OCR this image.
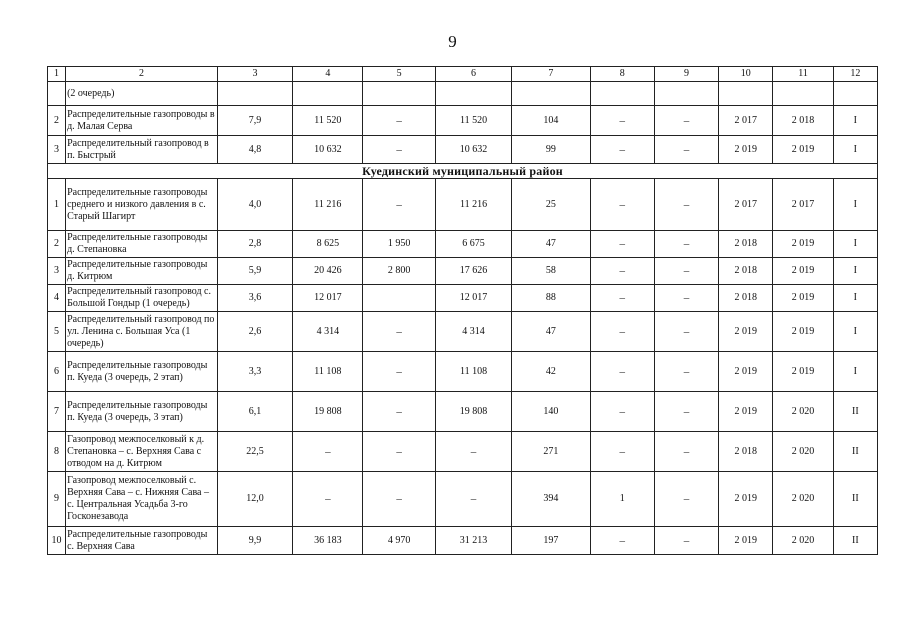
9
1	2	3	4	5	6	7	8	9	10	11	12
	(2 очередь)										
2	Распределительные газопроводы в д. Малая Серва	7,9	11 520	–	11 520	104	–	–	2 017	2 018	I
3	Распределительный газопровод в п. Быстрый	4,8	10 632	–	10 632	99	–	–	2 019	2 019	I
Куединский муниципальный район											
1	Распределительные газопроводы среднего и низкого давления в с. Старый Шагирт	4,0	11 216	–	11 216	25	–	–	2 017	2 017	I
2	Распределительные газопроводы д. Степановка	2,8	8 625	1 950	6 675	47	–	–	2 018	2 019	I
3	Распределительные газопроводы д. Китрюм	5,9	20 426	2 800	17 626	58	–	–	2 018	2 019	I
4	Распределительный газопровод с. Большой Гондыр (1 очередь)	3,6	12 017		12 017	88	–	–	2 018	2 019	I
5	Распределительный газопровод по ул. Ленина с. Большая Уса (1 очередь)	2,6	4 314	–	4 314	47	–	–	2 019	2 019	I
6	Распределительные газопроводы п. Куеда (3 очередь, 2 этап)	3,3	11 108	–	11 108	42	–	–	2 019	2 019	I
7	Распределительные газопроводы п. Куеда (3 очередь, 3 этап)	6,1	19 808	–	19 808	140	–	–	2 019	2 020	II
8	Газопровод межпоселковый к д. Степановка – с. Верхняя Сава с отводом на д. Китрюм	22,5	–	–	–	271	–	–	2 018	2 020	II
9	Газопровод межпоселковый с. Верхняя Сава – с. Нижняя Сава – с. Центральная Усадьба 3-го Госконезавода	12,0	–	–	–	394	1	–	2 019	2 020	II
10	Распределительные газопроводы с. Верхняя Сава	9,9	36 183	4 970	31 213	197	–	–	2 019	2 020	II
